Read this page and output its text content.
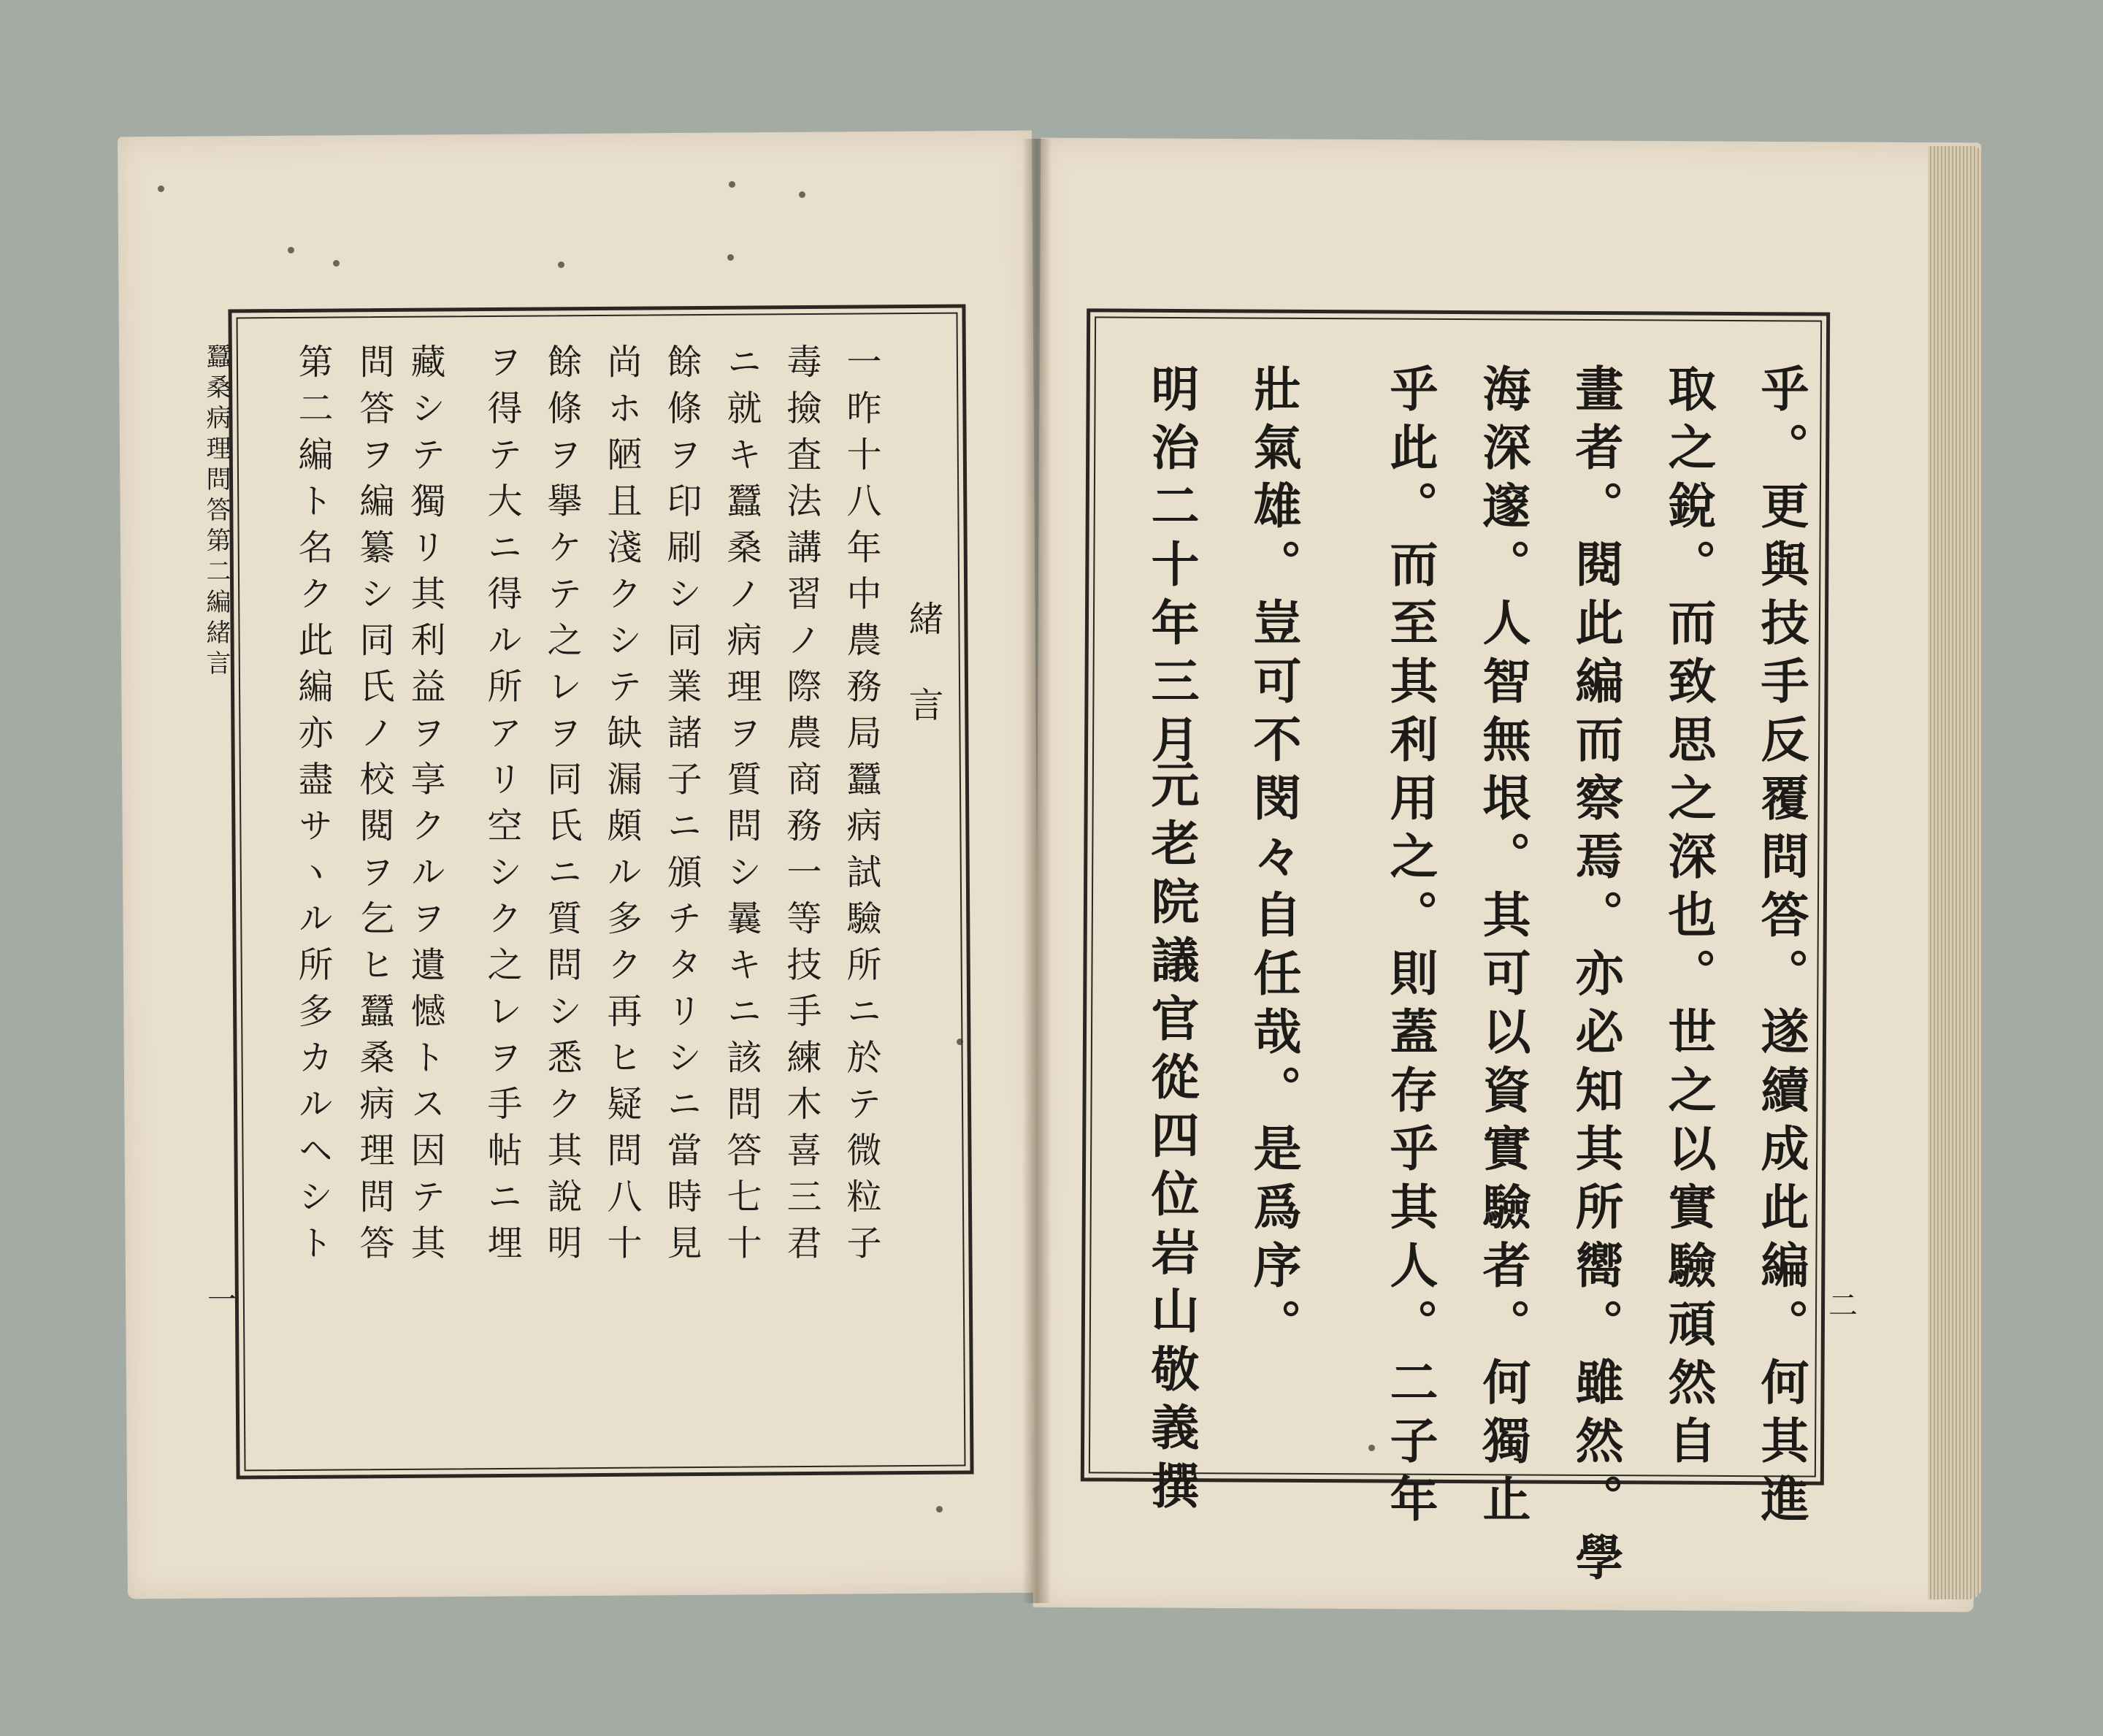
蠶桑病理問答第二編緒言
緒言
一
一昨十八年中農務局蠶病試驗所ニ於テ微粒子
毒撿査法講習ノ際農商務一等技手練木喜三君
ニ就キ蠶桑ノ病理ヲ質問シ曩キニ該問答七十
餘條ヲ印刷シ同業諸子ニ頒チタリシニ當時見
尚ホ陋且淺クシテ缺漏頗ル多ク再ヒ疑問八十
餘條ヲ擧ケテ之レヲ同氏ニ質問シ悉ク其說明
ヲ得テ大ニ得ル所アリ空シク之レヲ手帖ニ埋
藏シテ獨リ其利益ヲ享クルヲ遺憾トス因テ其
問答ヲ編纂シ同氏ノ校閱ヲ乞ヒ蠶桑病理問答
第二編ト名ク此編亦盡サヽル所多カルヘシト	乎。更與技手反覆問答。遂續成此編。何其進
取之銳。而致思之深也。世之以實驗頑然自
畫者。閱此編而察焉。亦必知其所嚮。雖然。學
海深邃。人智無垠。其可以資實驗者。何獨止
乎此。而至其利用之。則蓋存乎其人。二子年
壯氣雄。豈可不閔々自任哉。是爲序。
明治二十年三月
元老院議官從四位岩山敬義撰	二
